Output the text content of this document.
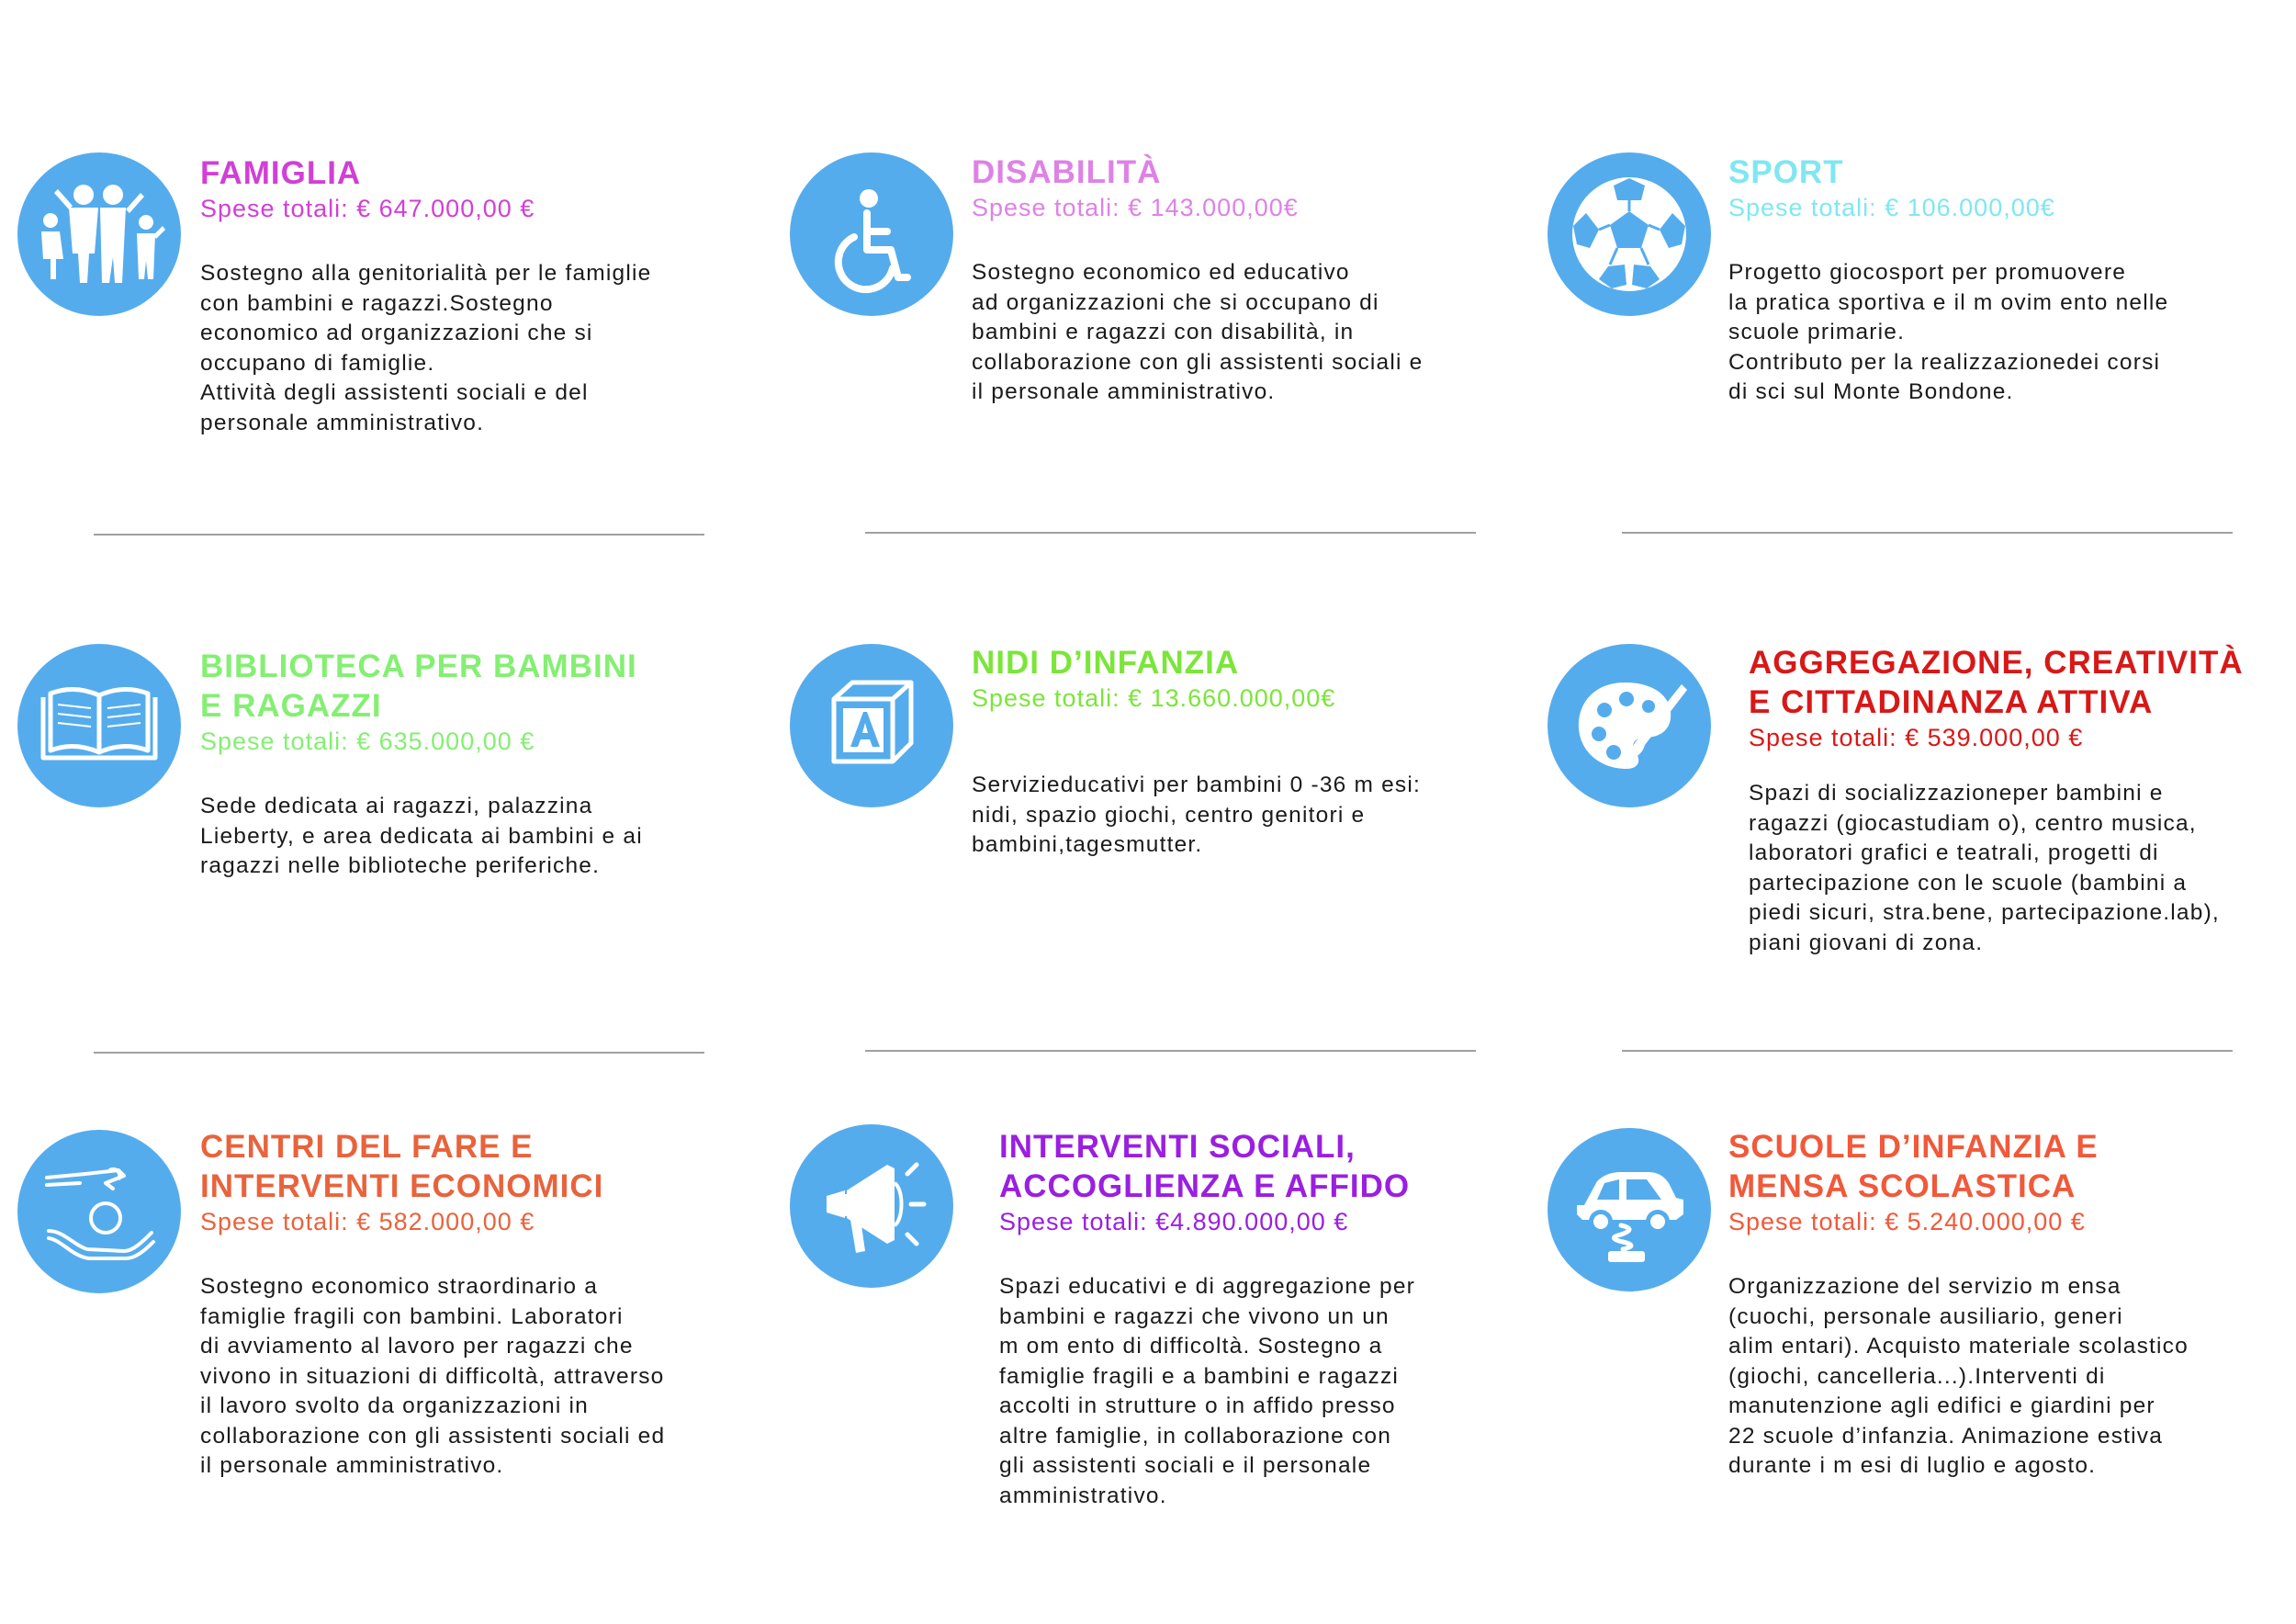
FAMIGLIA

Spese totali: € 647.000,00 €

Sostegno alla genitorialità per le famiglie
con bambini e ragazzi.Sostegno
economico ad organizzazioni che si
occupano di famiglie.
Attività degli assistenti sociali e del
personale amministrativo.

DISABILITÀ

Spese totali: € 143.000,00€

Sostegno economico ed educativo
ad organizzazioni che si occupano di
bambini e ragazzi con disabilità, in
collaborazione con gli assistenti sociali e
il personale amministrativo.

SPORT

Spese totali: € 106.000,00€

Progetto giocosport per promuovere
la pratica sportiva e il m ovim ento nelle
scuole primarie.
Contributo per la realizzazionedei corsi
di sci sul Monte Bondone.

BIBLIOTECA PER BAMBINI
E RAGAZZI

Spese totali: € 635.000,00 €

Sede dedicata ai ragazzi, palazzina
Lieberty, e area dedicata ai bambini e ai
ragazzi nelle biblioteche periferiche.

NIDI D’INFANZIA

Spese totali: € 13.660.000,00€

Servizieducativi per bambini 0 -36 m esi:
nidi, spazio giochi, centro genitori e
bambini,tagesmutter.

AGGREGAZIONE, CREATIVITÀ
E CITTADINANZA ATTIVA

Spese totali: € 539.000,00 €

Spazi di socializzazioneper bambini e
ragazzi (giocastudiam o), centro musica,
laboratori grafici e teatrali, progetti di
partecipazione con le scuole (bambini a
piedi sicuri, stra.bene, partecipazione.lab),
piani giovani di zona.

CENTRI DEL FARE E
INTERVENTI ECONOMICI

Spese totali: € 582.000,00 €

Sostegno economico straordinario a
famiglie fragili con bambini. Laboratori
di avviamento al lavoro per ragazzi che
vivono in situazioni di difficoltà, attraverso
il lavoro svolto da organizzazioni in
collaborazione con gli assistenti sociali ed
il personale amministrativo.

INTERVENTI SOCIALI,
ACCOGLIENZA E AFFIDO

Spese totali: €4.890.000,00 €

Spazi educativi e di aggregazione per
bambini e ragazzi che vivono un un
m om ento di difficoltà. Sostegno a
famiglie fragili e a bambini e ragazzi
accolti in strutture o in affido presso
altre famiglie, in collaborazione con
gli assistenti sociali e il personale
amministrativo.

SCUOLE D’INFANZIA E
MENSA SCOLASTICA

Spese totali: € 5.240.000,00 €

Organizzazione del servizio m ensa
(cuochi, personale ausiliario, generi
alim entari). Acquisto materiale scolastico
(giochi, cancelleria...).Interventi di
manutenzione agli edifici e giardini per
22 scuole d’infanzia. Animazione estiva
durante i m esi di luglio e agosto.
